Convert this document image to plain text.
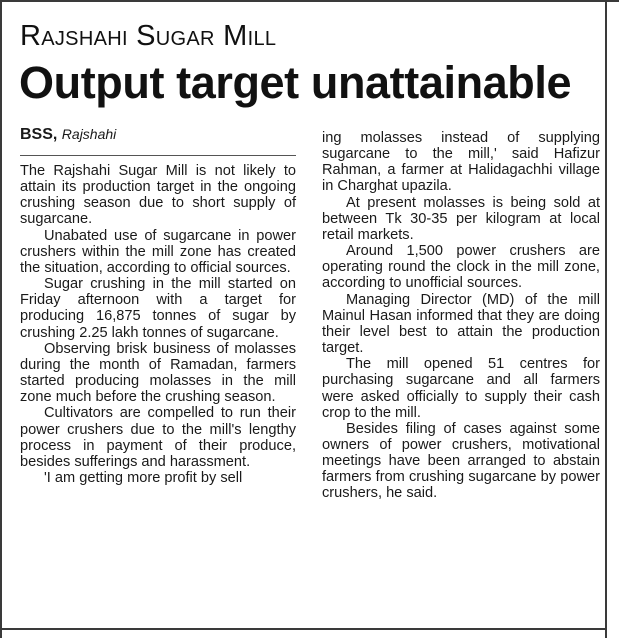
Rajshahi Sugar Mill
Output target unattainable
BSS, Rajshahi

The Rajshahi Sugar Mill is not likely to attain its production target in the ongoing crushing season due to short supply of sugarcane.

Unabated use of sugarcane in power crushers within the mill zone has created the situation, according to official sources.

Sugar crushing in the mill started on Friday afternoon with a target for producing 16,875 tonnes of sugar by crushing 2.25 lakh tonnes of sugarcane.

Observing brisk business of molasses during the month of Ramadan, farmers started producing molasses in the mill zone much before the crushing season.

Cultivators are compelled to run their power crushers due to the mill's lengthy process in payment of their produce, besides sufferings and harassment.

'I am getting more profit by sell

ing molasses instead of supplying sugarcane to the mill,' said Hafizur Rahman, a farmer at Halidagachhi village in Charghat upazila.

At present molasses is being sold at between Tk 30-35 per kilogram at local retail markets.

Around 1,500 power crushers are operating round the clock in the mill zone, according to unofficial sources.

Managing Director (MD) of the mill Mainul Hasan informed that they are doing their level best to attain the production target.

The mill opened 51 centres for purchasing sugarcane and all farmers were asked officially to supply their cash crop to the mill.

Besides filing of cases against some owners of power crushers, motivational meetings have been arranged to abstain farmers from crushing sugarcane by power crushers, he said.
